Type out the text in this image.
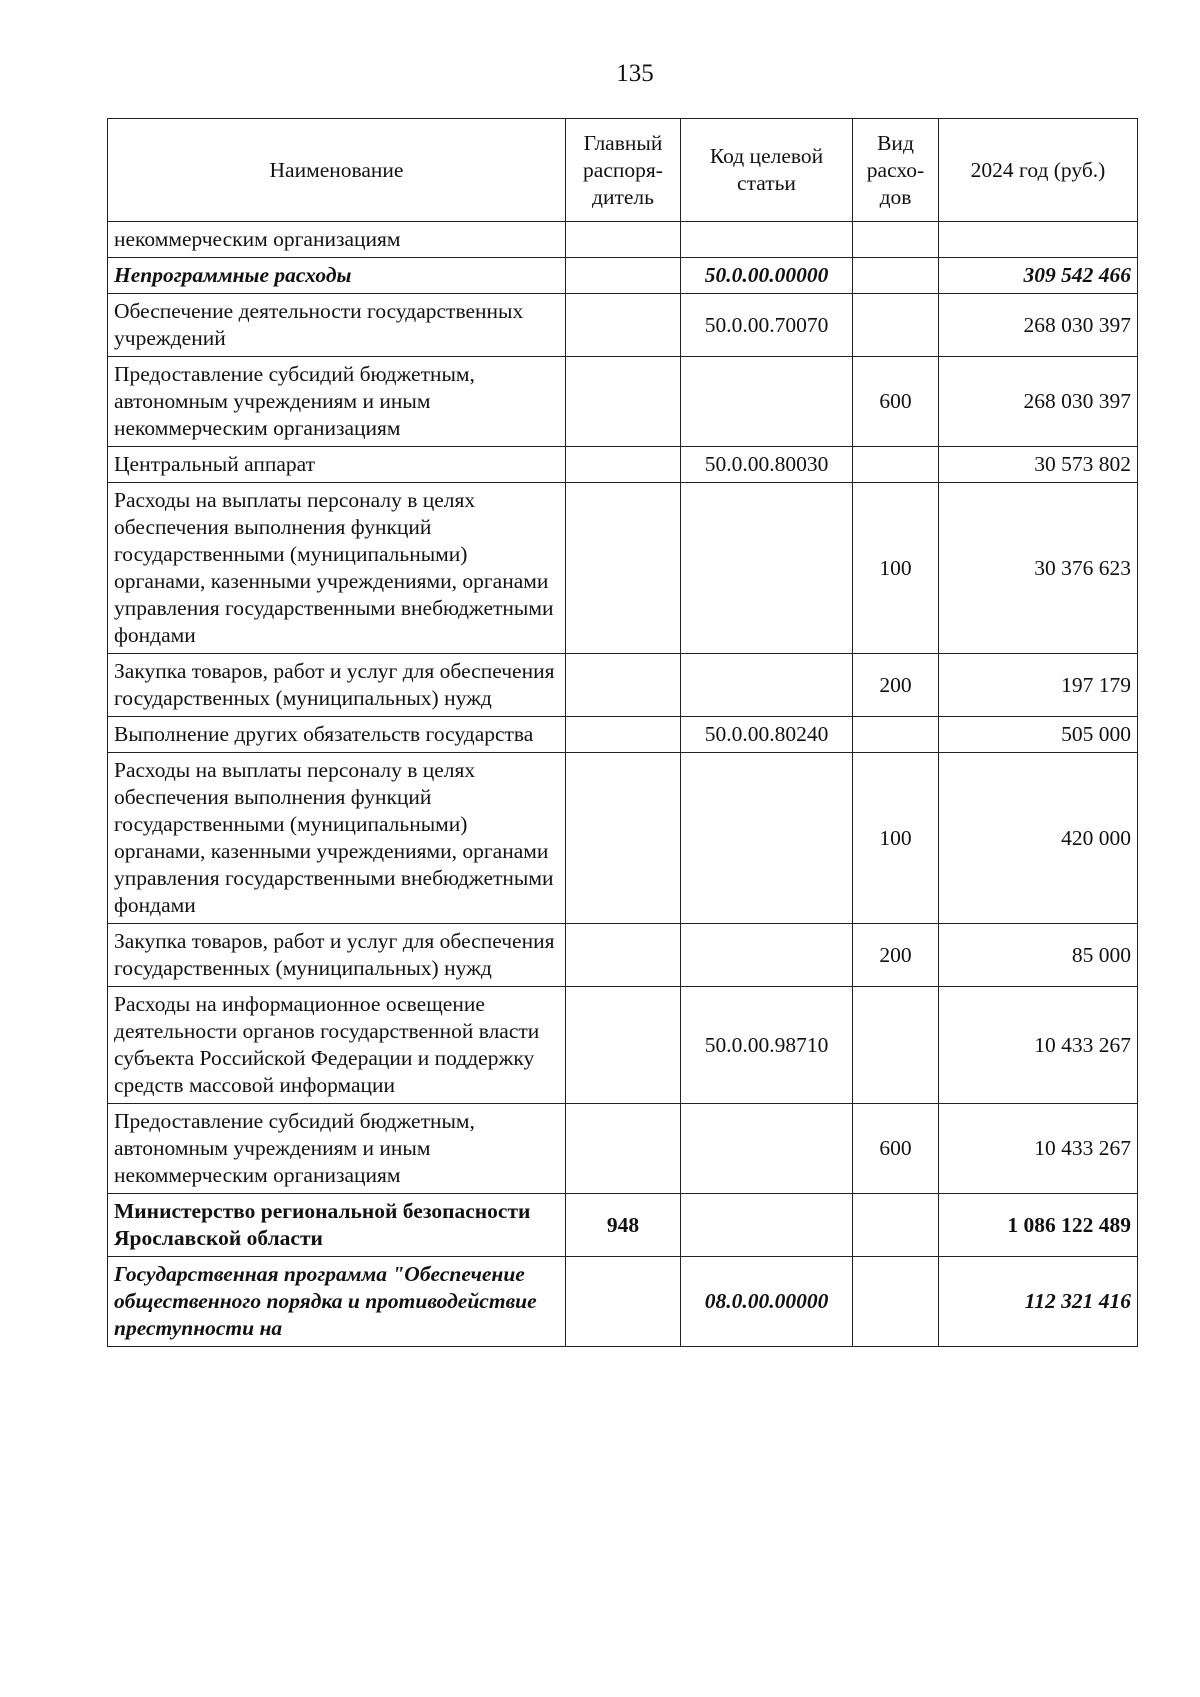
135
Наименование	Главный распоря-дитель	Код целевой статьи	Вид расхо-дов	2024 год (руб.)
некоммерческим организациям				
Непрограммные расходы		50.0.00.00000		309 542 466
Обеспечение деятельности государственных учреждений		50.0.00.70070		268 030 397
Предоставление субсидий бюджетным, автономным учреждениям и иным некоммерческим организациям			600	268 030 397
Центральный аппарат		50.0.00.80030		30 573 802
Расходы на выплаты персоналу в целях обеспечения выполнения функций государственными (муниципальными) органами, казенными учреждениями, органами управления государственными внебюджетными фондами			100	30 376 623
Закупка товаров, работ и услуг для обеспечения государственных (муниципальных) нужд			200	197 179
Выполнение других обязательств государства		50.0.00.80240		505 000
Расходы на выплаты персоналу в целях обеспечения выполнения функций государственными (муниципальными) органами, казенными учреждениями, органами управления государственными внебюджетными фондами			100	420 000
Закупка товаров, работ и услуг для обеспечения государственных (муниципальных) нужд			200	85 000
Расходы на информационное освещение деятельности органов государственной власти субъекта Российской Федерации и поддержку средств массовой информации		50.0.00.98710		10 433 267
Предоставление субсидий бюджетным, автономным учреждениям и иным некоммерческим организациям			600	10 433 267
Министерство региональной безопасности Ярославской области	948			1 086 122 489
Государственная программа "Обеспечение общественного порядка и противодействие преступности на		08.0.00.00000		112 321 416
